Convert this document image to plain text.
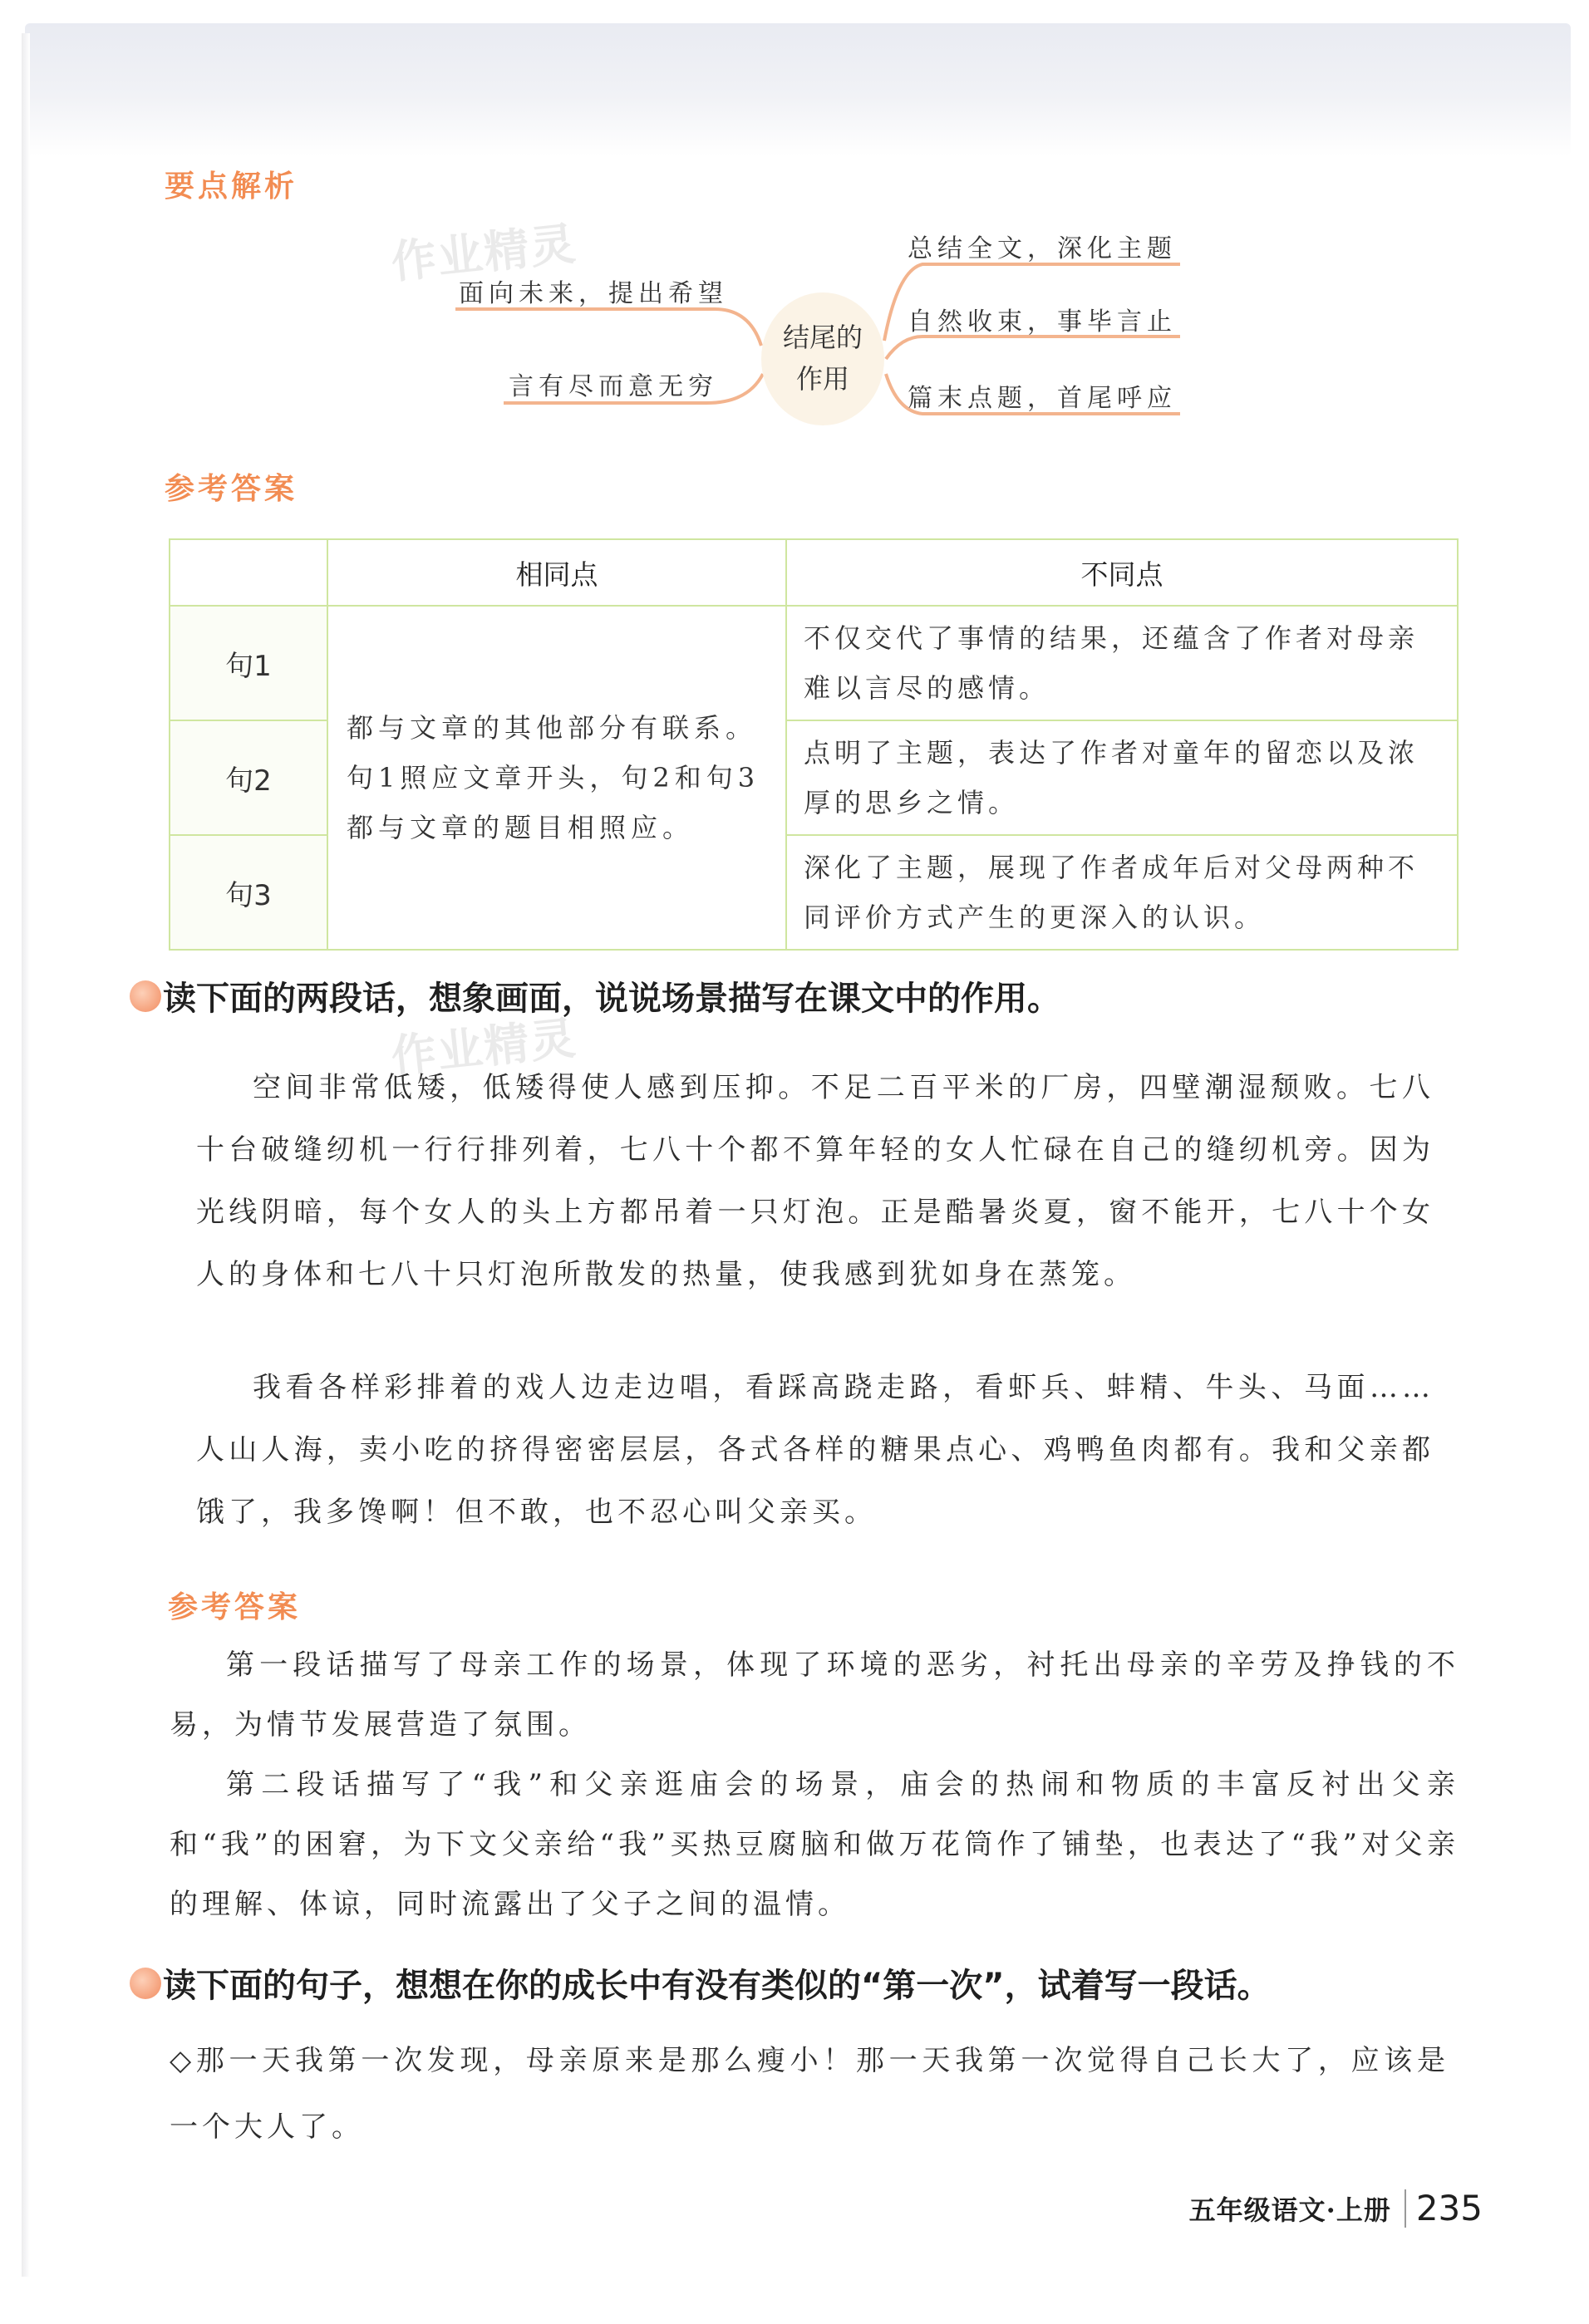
要点解析
作业精灵
面向未来，提出希望
言有尽而意无穷
结尾的
作用
总结全文，深化主题
自然收束，事毕言止
篇末点题，首尾呼应
参考答案
	相同点	不同点
句1	都与文章的其他部分有联系。句1照应文章开头，句2和句3都与文章的题目相照应。	不仅交代了事情的结果，还蕴含了作者对母亲难以言尽的感情。
句2		点明了主题，表达了作者对童年的留恋以及浓厚的思乡之情。
句3		深化了主题，展现了作者成年后对父母两种不同评价方式产生的更深入的认识。
读下面的两段话，想象画面，说说场景描写在课文中的作用。
作业精灵

空间非常低矮，低矮得使人感到压抑。不足二百平米的厂房，四壁潮湿颓败。七八十台破缝纫机一行行排列着，七八十个都不算年轻的女人忙碌在自己的缝纫机旁。因为光线阴暗，每个女人的头上方都吊着一只灯泡。正是酷暑炎夏，窗不能开，七八十个女人的身体和七八十只灯泡所散发的热量，使我感到犹如身在蒸笼。

我看各样彩排着的戏人边走边唱，看踩高跷走路，看虾兵、蚌精、牛头、马面……人山人海，卖小吃的挤得密密层层，各式各样的糖果点心、鸡鸭鱼肉都有。我和父亲都饿了，我多馋啊！但不敢，也不忍心叫父亲买。

参考答案

第一段话描写了母亲工作的场景，体现了环境的恶劣，衬托出母亲的辛劳及挣钱的不易，为情节发展营造了氛围。

第二段话描写了“我”和父亲逛庙会的场景，庙会的热闹和物质的丰富反衬出父亲和“我”的困窘，为下文父亲给“我”买热豆腐脑和做万花筒作了铺垫，也表达了“我”对父亲的理解、体谅，同时流露出了父子之间的温情。

读下面的句子，想想在你的成长中有没有类似的“第一次”，试着写一段话。
◇那一天我第一次发现，母亲原来是那么瘦小！那一天我第一次觉得自己长大了，应该是一个大人了。
五年级语文·上册 235
